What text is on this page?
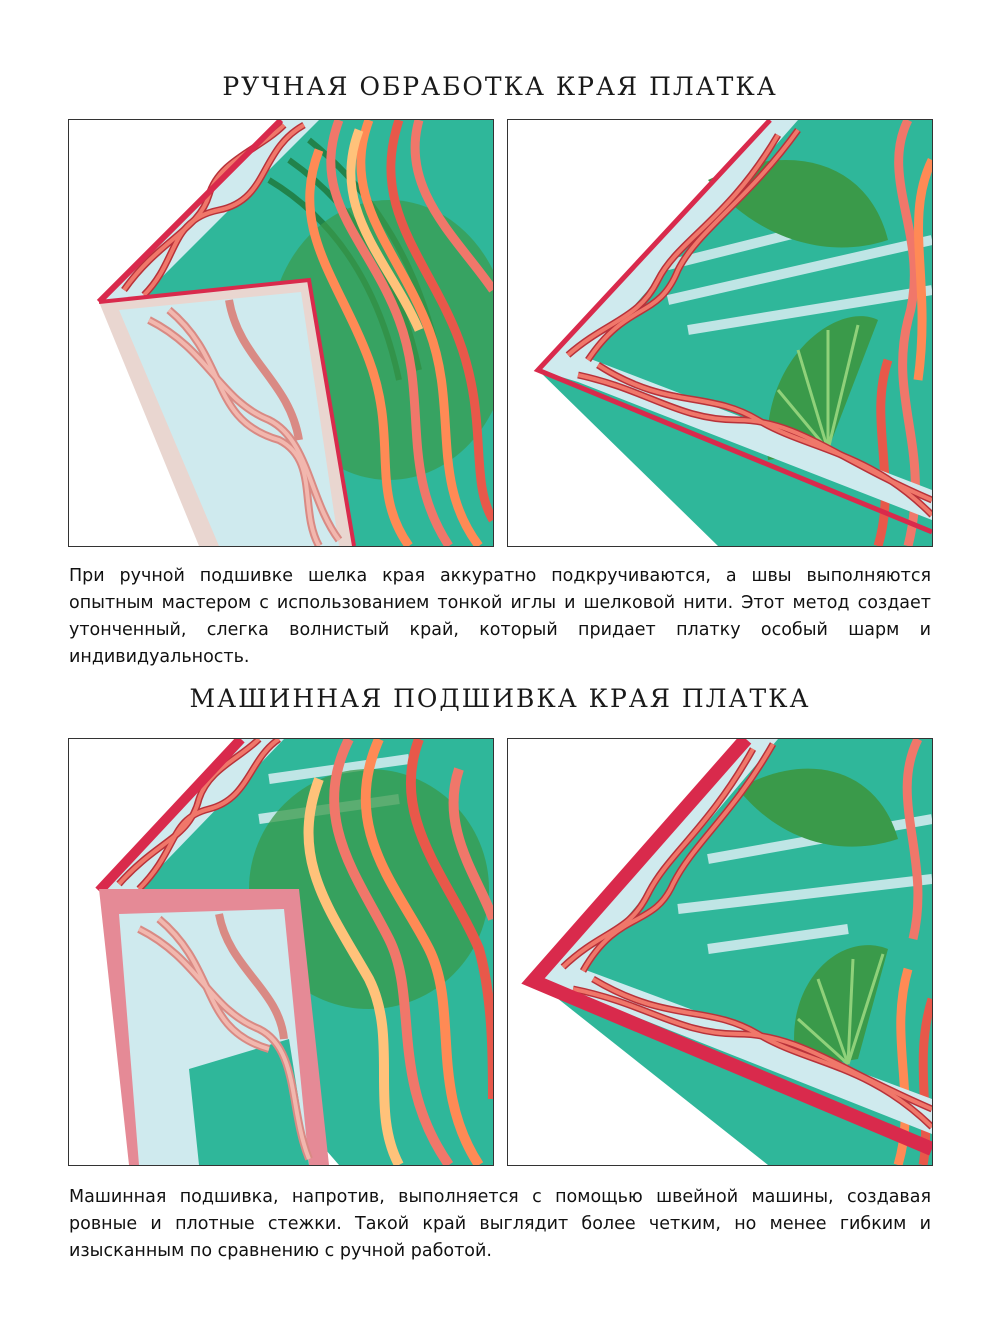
РУЧНАЯ ОБРАБОТКА КРАЯ ПЛАТКА

При ручной подшивке шелка края аккуратно подкручиваются, а швы выполняются опытным мастером с использованием тонкой иглы и шелковой нити. Этот метод создает утонченный, слегка волнистый край, который придает платку особый шарм и индивидуальность.

МАШИННАЯ ПОДШИВКА КРАЯ ПЛАТКА

Машинная подшивка, напротив, выполняется с помощью швейной машины, создавая ровные и плотные стежки. Такой край выглядит более четким, но менее гибким и изысканным по сравнению с ручной работой.
